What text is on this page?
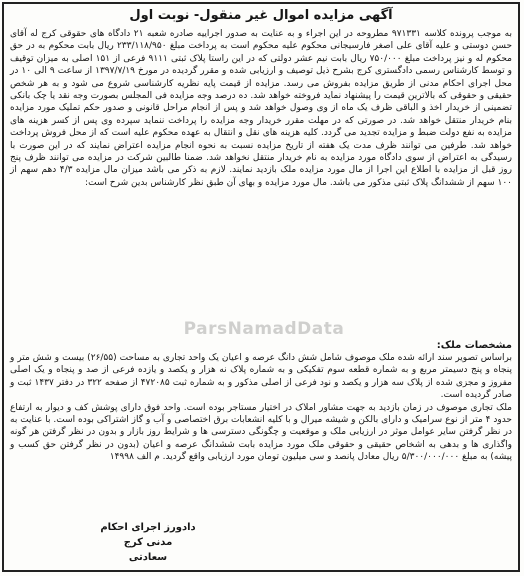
آگهی مزایده اموال غیر منقول- نوبت اول
به موجب پرونده کلاسه ۹۷۱۳۳۱ مطروحه در این اجراء و به عنایت به صدور اجراییه صادره شعبه ۲۱ دادگاه های حقوقی کرج له آقای حسن دوستی و علیه آقای علی اصغر فارسیجانی محکوم علیه محکوم است به پرداخت مبلغ ۲۳۳/۱۱۸/۹۵۰ ریال بابت محکوم به در حق محکوم له و نیز پرداخت مبلغ ۷۵۰/۰۰۰ ریال بابت نیم عشر دولتی که در این راستا پلاک ثبتی ۹۱۱۱ فرعی از ۱۵۱ اصلی به میزان توقیف و توسط کارشناس رسمی دادگستری کرج بشرح ذیل توصیف و ارزیابی شده و مقرر گردیده در مورخ ۱۳۹۷/۷/۱۹ از ساعت ۹ الی ۱۰ در محل اجرای احکام مدنی از طریق مزایده بفروش می رسد. مزایده از قیمت پایه نظریه کارشناسی شروع می شود و به هر شخص حقیقی و حقوقی که بالاترین قیمت را پیشنهاد نماید فروخته خواهد شد. ده درصد وجه مزایده فی المجلس بصورت وجه نقد یا چک بانکی تضمینی از خریدار اخذ و الباقی ظرف یک ماه از وی وصول خواهد شد و پس از انجام مراحل قانونی و صدور حکم تملیک مورد مزایده بنام خریدار منتقل خواهد شد. در صورتی که در مهلت مقرر خریدار وجه مزایده را پرداخت ننماید سپرده وی پس از کسر هزینه های مزایده به نفع دولت ضبط و مزایده تجدید می گردد. کلیه هزینه های نقل و انتقال به عهده محکوم علیه است که از محل فروش پرداخت خواهد شد. طرفین می توانند ظرف مدت یک هفته از تاریخ مزایده نسبت به نحوه انجام مزایده اعتراض نمایند که در این صورت با رسیدگی به اعتراض از سوی دادگاه مورد مزایده به نام خریدار منتقل نخواهد شد. ضمنا طالبین شرکت در مزایده می توانند ظرف پنج روز قبل از مزایده با اطلاع این اجرا از مال مورد مزایده ملک بازدید نمایند. لازم به ذکر می باشد میزان مال مزایده ۴/۳ دهم سهم از ۱۰۰ سهم از ششدانگ پلاک ثبتی مذکور می باشد. مال مورد مزایده و بهای آن طبق نظر کارشناس بدین شرح است:
ParsNamadData
مشخصات ملک:
براساس تصویر سند ارائه شده ملک موصوف شامل شش دانگ عرصه و اعیان یک واحد تجاری به مساحت (۲۶/۵۵) بیست و شش متر و پنجاه و پنج دسیمتر مربع و به شماره قطعه سوم تفکیکی و به شماره پلاک نه هزار و یکصد و یازده فرعی از صد و پنجاه و یک اصلی مفروز و مجزی شده از پلاک سه هزار و یکصد و نود فرعی از اصلی مذکور و به شماره ثبت ۴۷۲۰۸۵ از صفحه ۳۲۲ در دفتر ۱۴۳۷ ثبت و صادر گردیده است.
ملک تجاری موصوف در زمان بازدید به جهت مشاور املاک در اختیار مستاجر بوده است. واحد فوق دارای پوشش کف و دیوار به ارتفاع حدود ۴ متر از نوع سرامیک و دارای بالکن و شیشه میرال و با کلیه انشعابات برق اختصاصی و آب و گاز اشتراکی بوده است. با عنایت به در نظر گرفتن سایر عوامل موثر در ارزیابی ملک و موقعیت و چگونگی دسترسی ها و شرایط روز بازار و بدون در نظر گرفتن هر گونه واگذاری ها و بدهی به اشخاص حقیقی و حقوقی ملک مورد مزایده بابت ششدانگ عرصه و اعیان (بدون در نظر گرفتن حق کسب و پیشه) به مبلغ ۵/۳۰۰/۰۰۰/۰۰۰ ریال معادل پانصد و سی میلیون تومان مورد ارزیابی واقع گردید. م الف ۱۴۹۹۸
دادورز اجرای احکام مدنی کرج
سعادتی
